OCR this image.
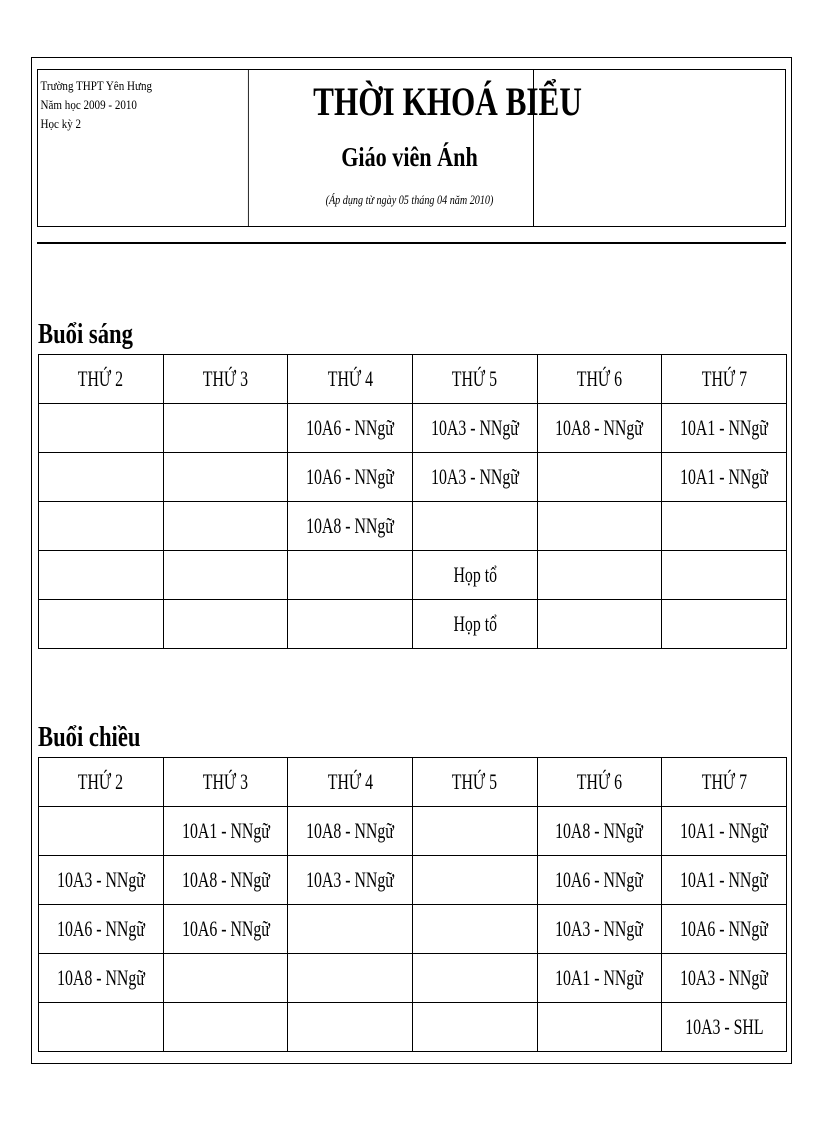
Trường THPT Yên Hưng
Năm học 2009 - 2010
Học kỳ 2	THỜI KHOÁ BIỂU
Giáo viên Ánh
(Áp dụng từ ngày 05 tháng 04 năm 2010)
Buổi sáng
THỨ 2	THỨ 3	THỨ 4	THỨ 5	THỨ 6	THỨ 7
		10A6 - NNgữ	10A3 - NNgữ	10A8 - NNgữ	10A1 - NNgữ
		10A6 - NNgữ	10A3 - NNgữ		10A1 - NNgữ
		10A8 - NNgữ			
			Họp tổ		
			Họp tổ		
Buổi chiều
THỨ 2	THỨ 3	THỨ 4	THỨ 5	THỨ 6	THỨ 7
	10A1 - NNgữ	10A8 - NNgữ		10A8 - NNgữ	10A1 - NNgữ
10A3 - NNgữ	10A8 - NNgữ	10A3 - NNgữ		10A6 - NNgữ	10A1 - NNgữ
10A6 - NNgữ	10A6 - NNgữ			10A3 - NNgữ	10A6 - NNgữ
10A8 - NNgữ				10A1 - NNgữ	10A3 - NNgữ
					10A3 - SHL
